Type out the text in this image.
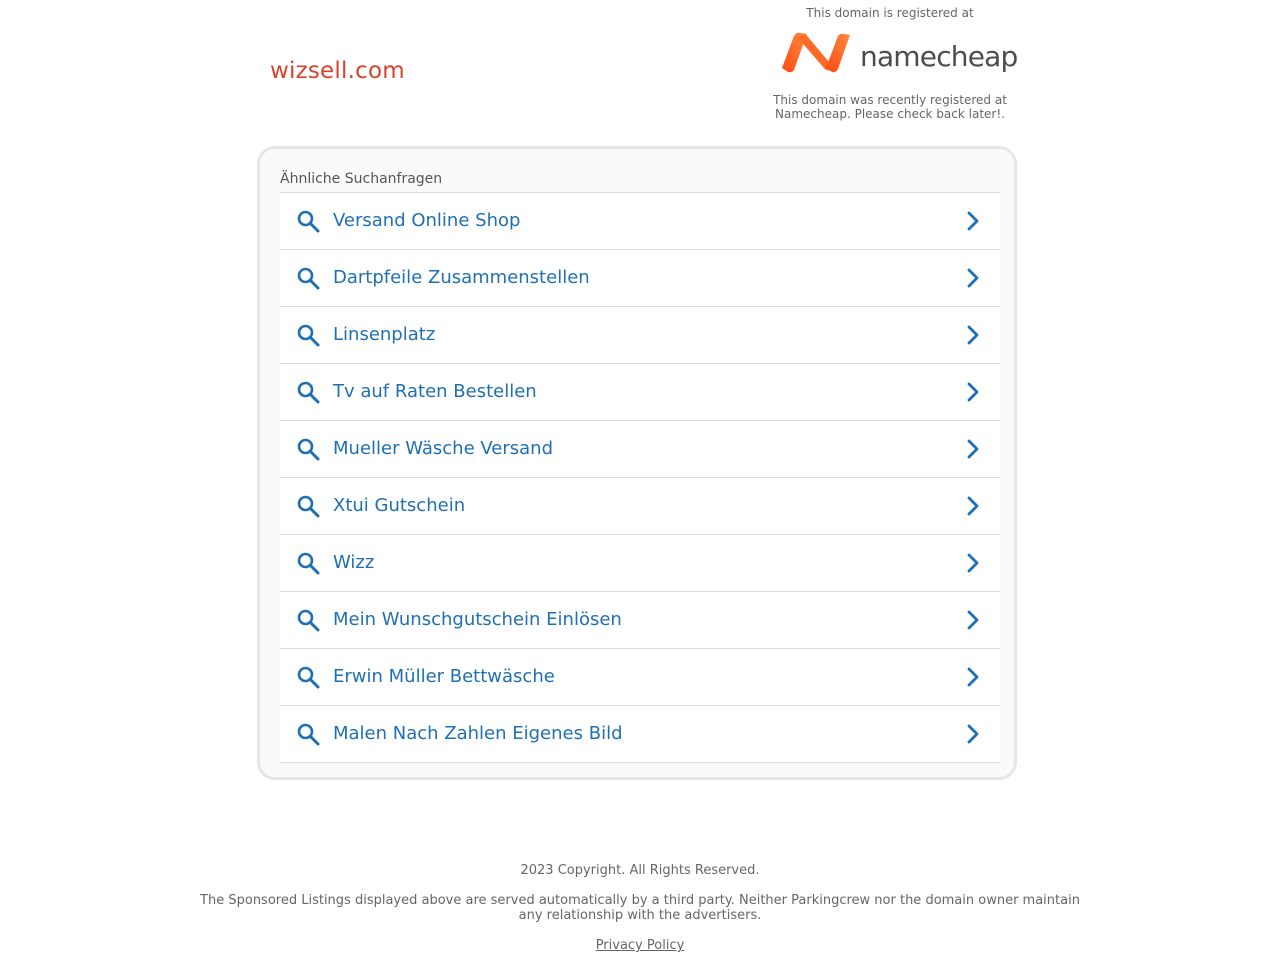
wizsell.com
This domain is registered at
namecheap
This domain was recently registered at Namecheap. Please check back later!.
Ähnliche Suchanfragen
Versand Online Shop
Dartpfeile Zusammenstellen
Linsenplatz
Tv auf Raten Bestellen
Mueller Wäsche Versand
Xtui Gutschein
Wizz
Mein Wunschgutschein Einlösen
Erwin Müller Bettwäsche
Malen Nach Zahlen Eigenes Bild
2023 Copyright. All Rights Reserved.
The Sponsored Listings displayed above are served automatically by a third party. Neither Parkingcrew nor the domain owner maintain any relationship with the advertisers.
Privacy Policy
